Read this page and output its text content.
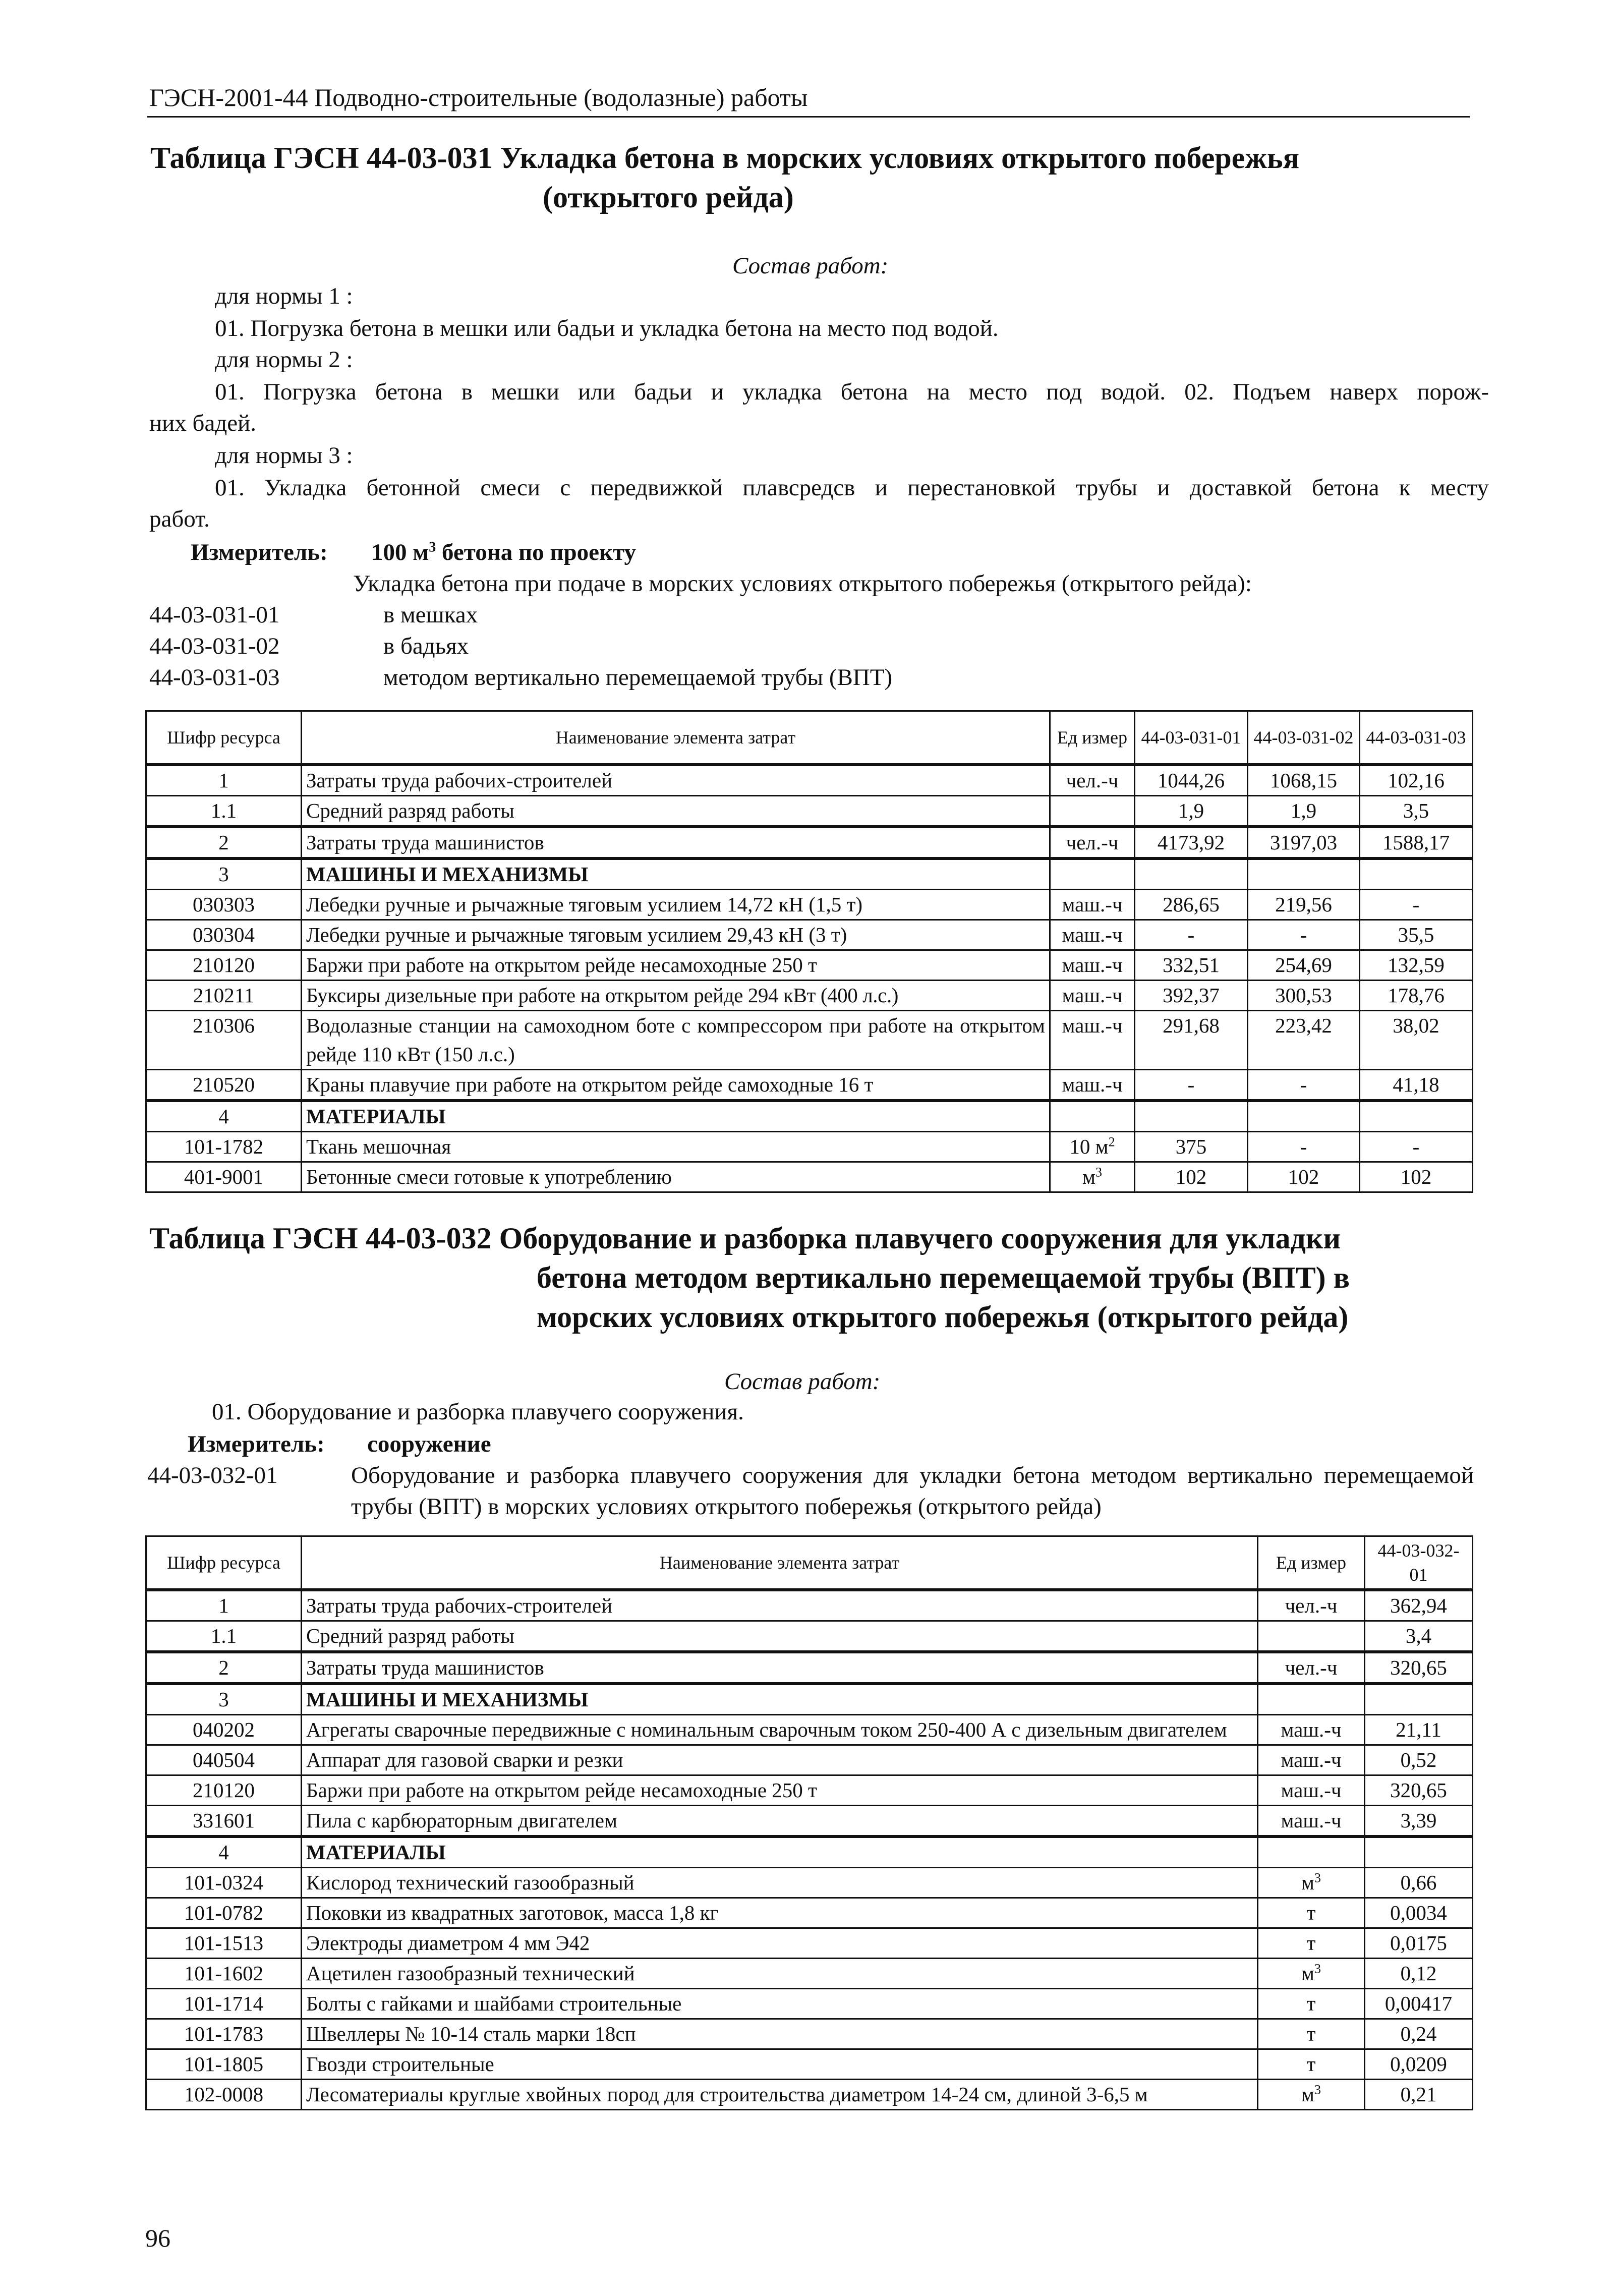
ГЭСН-2001-44 Подводно-строительные (водолазные) работы
Таблица ГЭСН 44-03-031 Укладка бетона в морских условиях открытого побережья
(открытого рейда)
Состав работ:
для нормы 1 :
01. Погрузка бетона в мешки или бадьи и укладка бетона на место под водой.
для нормы 2 :
01. Погрузка бетона в мешки или бадьи и укладка бетона на место под водой. 02. Подъем наверх порож-
них бадей.
для нормы 3 :
01. Укладка бетонной смеси с передвижкой плавсредсв и перестановкой трубы и доставкой бетона к месту
работ.
Измеритель: 100 $м^3$ бетона по проекту
Укладка бетона при подаче в морских условиях открытого побережья (открытого рейда):
44-03-031-01	в мешках
44-03-031-02	в бадьях
44-03-031-03	методом вертикально перемещаемой трубы (ВПТ)
Шифр ресурса	Наименование элемента затрат	Ед измер	44-03-031-01	44-03-031-02	44-03-031-03
1	Затраты труда рабочих-строителей	чел.-ч	1044,26	1068,15	102,16
1.1	Средний разряд работы		1,9	1,9	3,5
2	Затраты труда машинистов	чел.-ч	4173,92	3197,03	1588,17
3	МАШИНЫ И МЕХАНИЗМЫ				
030303	Лебедки ручные и рычажные тяговым усилием 14,72 кН (1,5 т)	маш.-ч	286,65	219,56	-
030304	Лебедки ручные и рычажные тяговым усилием 29,43 кН (3 т)	маш.-ч	-	-	35,5
210120	Баржи при работе на открытом рейде несамоходные 250 т	маш.-ч	332,51	254,69	132,59
210211	Буксиры дизельные при работе на открытом рейде 294 кВт (400 л.с.)	маш.-ч	392,37	300,53	178,76
210306	Водолазные станции на самоходном боте с компрессором при работе на открытом рейде 110 кВт (150 л.с.)	маш.-ч	291,68	223,42	38,02
210520	Краны плавучие при работе на открытом рейде самоходные 16 т	маш.-ч	-	-	41,18
4	МАТЕРИАЛЫ				
101-1782	Ткань мешочная	10 $м^2$	375	-	-
401-9001	Бетонные смеси готовые к употреблению	$м^3$	102	102	102
Таблица ГЭСН 44-03-032 Оборудование и разборка плавучего сооружения для укладки
бетона методом вертикально перемещаемой трубы (ВПТ) в
морских условиях открытого побережья (открытого рейда)
Состав работ:
01. Оборудование и разборка плавучего сооружения.
Измеритель: сооружение
44-03-032-01	Оборудование и разборка плавучего сооружения для укладки бетона методом вертикально перемещаемой трубы (ВПТ) в морских условиях открытого побережья (открытого рейда)
Шифр ресурса	Наименование элемента затрат	Ед измер	44-03-032-01
1	Затраты труда рабочих-строителей	чел.-ч	362,94
1.1	Средний разряд работы		3,4
2	Затраты труда машинистов	чел.-ч	320,65
3	МАШИНЫ И МЕХАНИЗМЫ		
040202	Агрегаты сварочные передвижные с номинальным сварочным током 250-400 А с дизельным двигателем	маш.-ч	21,11
040504	Аппарат для газовой сварки и резки	маш.-ч	0,52
210120	Баржи при работе на открытом рейде несамоходные 250 т	маш.-ч	320,65
331601	Пила с карбюраторным двигателем	маш.-ч	3,39
4	МАТЕРИАЛЫ		
101-0324	Кислород технический газообразный	$м^3$	0,66
101-0782	Поковки из квадратных заготовок, масса 1,8 кг	т	0,0034
101-1513	Электроды диаметром 4 мм Э42	т	0,0175
101-1602	Ацетилен газообразный технический	$м^3$	0,12
101-1714	Болты с гайками и шайбами строительные	т	0,00417
101-1783	Швеллеры № 10-14 сталь марки 18сп	т	0,24
101-1805	Гвозди строительные	т	0,0209
102-0008	Лесоматериалы круглые хвойных пород для строительства диаметром 14-24 см, длиной 3-6,5 м	$м^3$	0,21
96
